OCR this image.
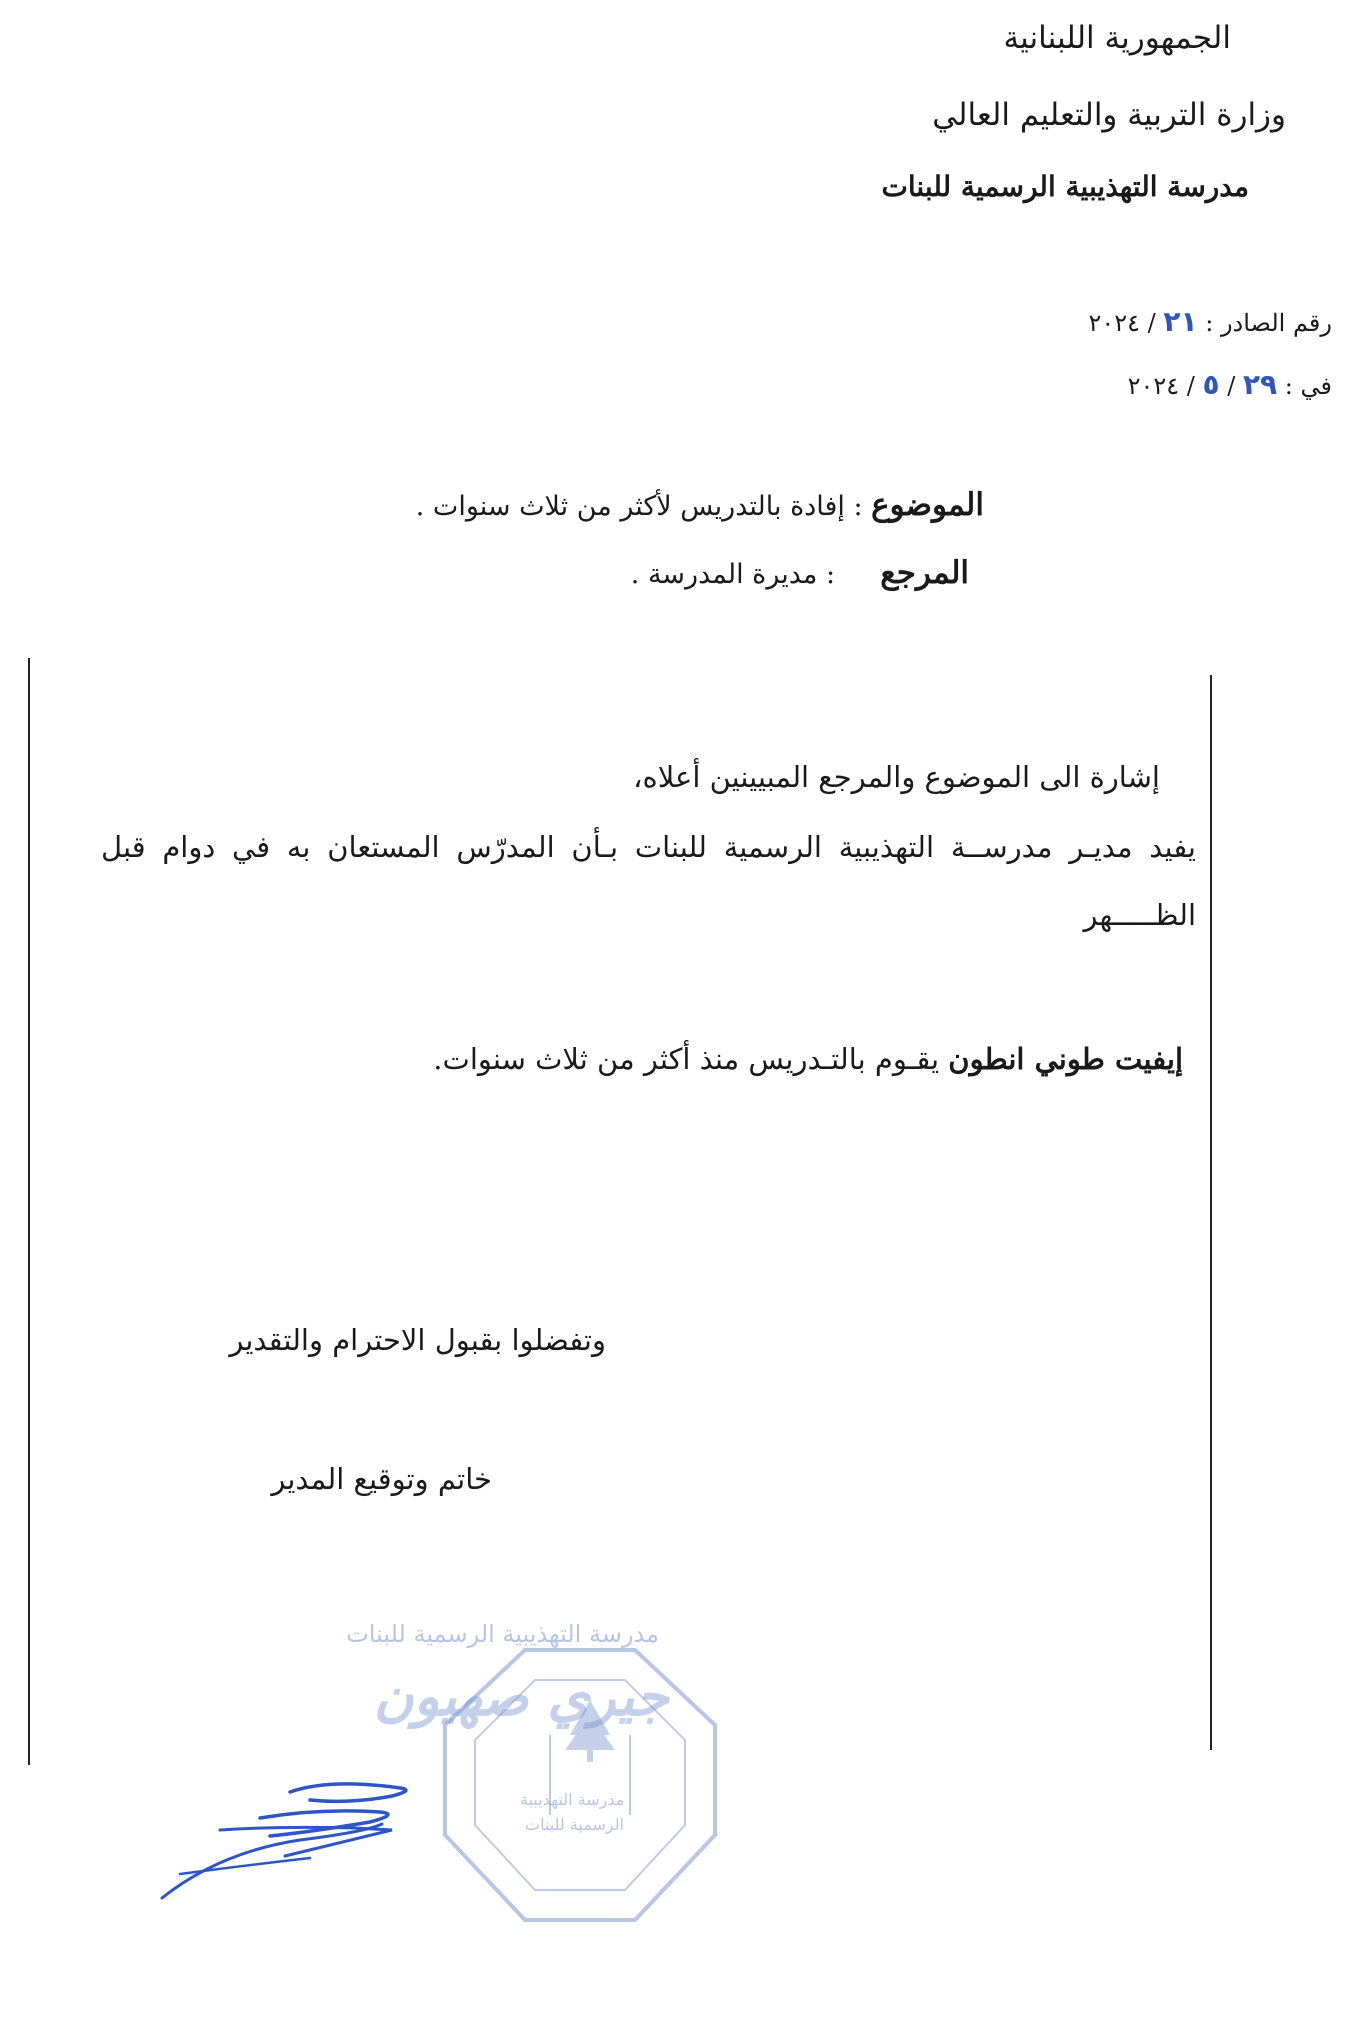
الجمهورية اللبنانية
وزارة التربية والتعليم العالي
مدرسة التهذيبية الرسمية للبنات
رقم الصادر : ٢١ / ٢٠٢٤
في : ٢٩ / ٥ / ٢٠٢٤
الموضوع : إفادة بالتدريس لأكثر من ثلاث سنوات .
المرجع  : مديرة المدرسة .
إشارة الى الموضوع والمرجع المبيينين أعلاه،
يفيد مديـر مدرســة التهذيبية الرسمية للبنات بـأن المدرّس المستعان به في دوام قبل
الظـــــهر
إيفيت طوني انطون يقـوم بالتـدريس منذ أكثر من ثلاث سنوات.
وتفضلوا بقبول الاحترام والتقدير
خاتم وتوقيع المدير
مدرسة التهذيبية الرسمية للبنات
جيري صهيون
مدرسة التهذيبية
الرسمية للبنات
